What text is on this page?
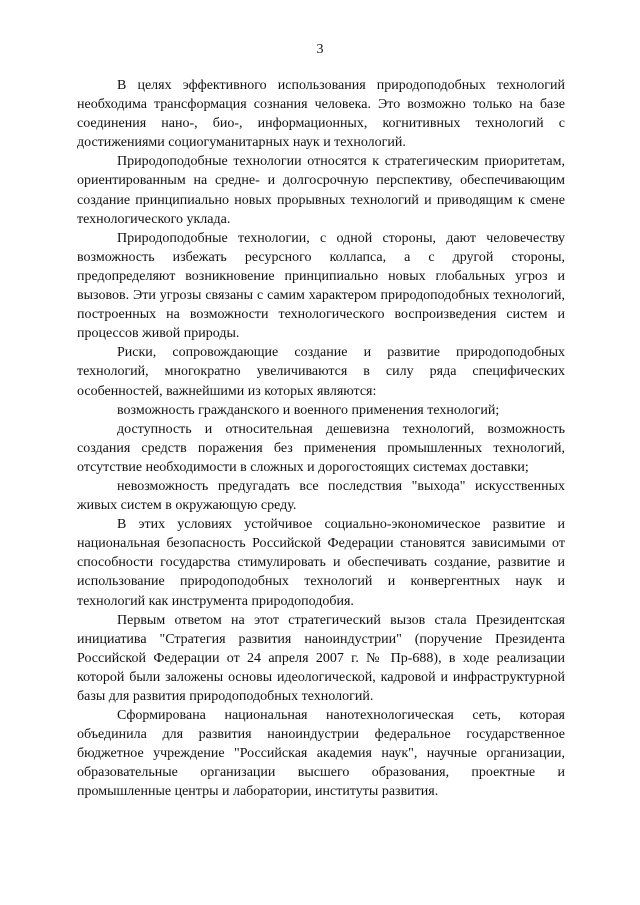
3

В целях эффективного использования природоподобных технологий необходима трансформация сознания человека. Это возможно только на базе соединения нано-, био-, информационных, когнитивных технологий с достижениями социогуманитарных наук и технологий.

Природоподобные технологии относятся к стратегическим приоритетам, ориентированным на средне- и долгосрочную перспективу, обеспечивающим создание принципиально новых прорывных технологий и приводящим к смене технологического уклада.

Природоподобные технологии, с одной стороны, дают человечеству возможность избежать ресурсного коллапса, а с другой стороны, предопределяют возникновение принципиально новых глобальных угроз и вызовов. Эти угрозы связаны с самим характером природоподобных технологий, построенных на возможности технологического воспроизведения систем и процессов живой природы.

Риски, сопровождающие создание и развитие природоподобных технологий, многократно увеличиваются в силу ряда специфических особенностей, важнейшими из которых являются:

возможность гражданского и военного применения технологий;

доступность и относительная дешевизна технологий, возможность создания средств поражения без применения промышленных технологий, отсутствие необходимости в сложных и дорогостоящих системах доставки;

невозможность предугадать все последствия "выхода" искусственных живых систем в окружающую среду.

В этих условиях устойчивое социально-экономическое развитие и национальная безопасность Российской Федерации становятся зависимыми от способности государства стимулировать и обеспечивать создание, развитие и использование природоподобных технологий и конвергентных наук и технологий как инструмента природоподобия.

Первым ответом на этот стратегический вызов стала Президентская инициатива "Стратегия развития наноиндустрии" (поручение Президента Российской Федерации от 24 апреля 2007 г. № Пр-688), в ходе реализации которой были заложены основы идеологической, кадровой и инфраструктурной базы для развития природоподобных технологий.

Сформирована национальная нанотехнологическая сеть, которая объединила для развития наноиндустрии федеральное государственное бюджетное учреждение "Российская академия наук", научные организации, образовательные организации высшего образования, проектные и промышленные центры и лаборатории, институты развития.
